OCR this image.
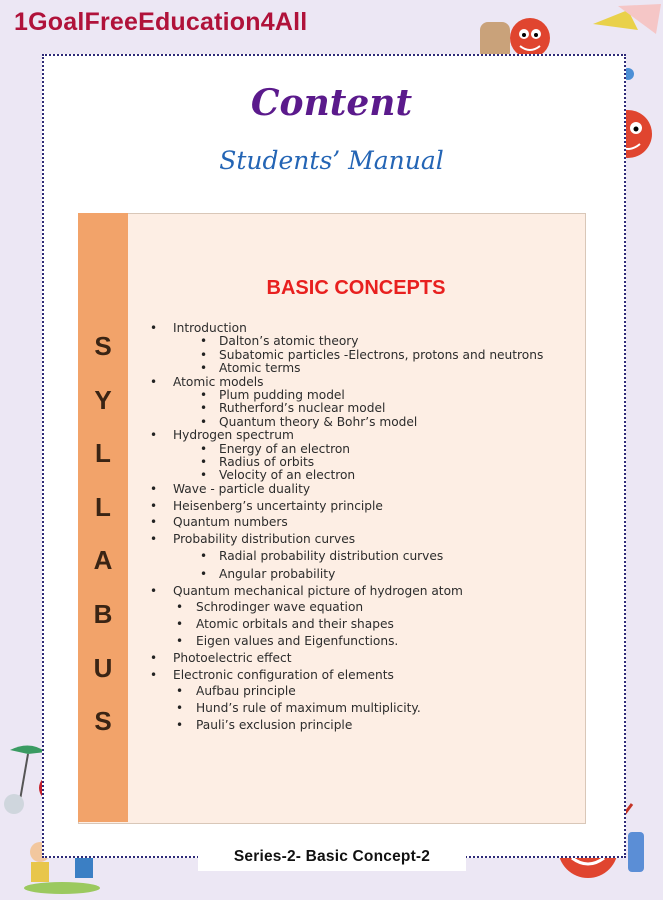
1GoalFreeEducation4All
Content
Students’ Manual
S
Y
L
L
A
B
U
S
BASIC CONCEPTS
• Introduction
• Dalton’s atomic theory
• Subatomic particles -Electrons, protons and neutrons
• Atomic terms
• Atomic models
• Plum pudding model
• Rutherford’s nuclear model
• Quantum theory & Bohr’s model
• Hydrogen spectrum
• Energy of an electron
• Radius of orbits
• Velocity of an electron
• Wave - particle duality
• Heisenberg’s uncertainty principle
• Quantum numbers
• Probability distribution curves
• Radial probability distribution curves
• Angular probability
• Quantum mechanical picture of hydrogen atom
• Schrodinger wave equation
• Atomic orbitals and their shapes
• Eigen values and Eigenfunctions.
• Photoelectric effect
• Electronic configuration of elements
• Aufbau principle
• Hund’s rule of maximum multiplicity.
• Pauli’s exclusion principle
Series-2- Basic Concept-2
